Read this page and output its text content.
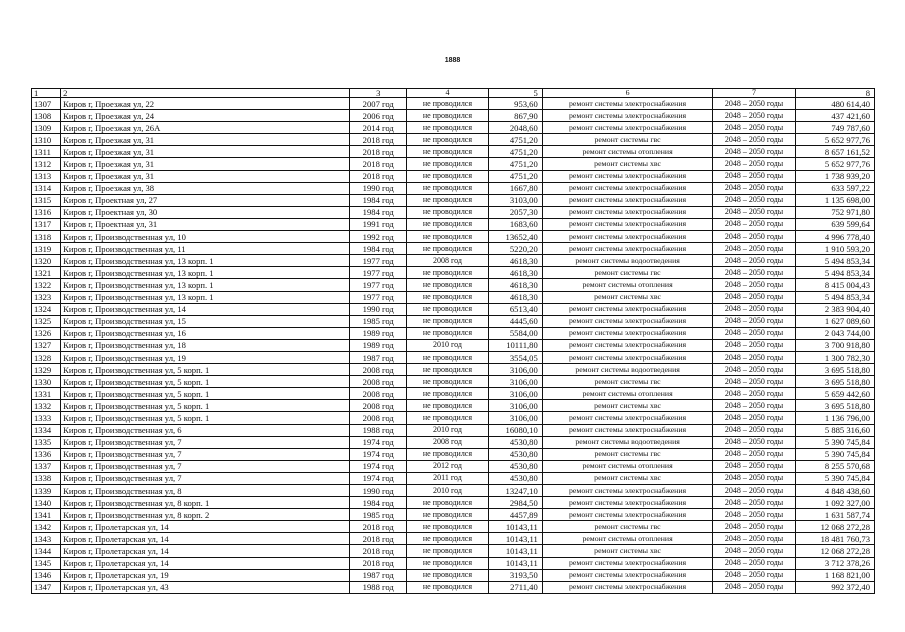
1888
1	2	3	4	5	6	7	8
1307	Киров г, Проезжая ул, 22	2007 год	не проводился	953,60	ремонт системы электроснабжения	2048 – 2050 годы	480 614,40
1308	Киров г, Проезжая ул, 24	2006 год	не проводился	867,90	ремонт системы электроснабжения	2048 – 2050 годы	437 421,60
1309	Киров г, Проезжая ул, 26А	2014 год	не проводился	2048,60	ремонт системы электроснабжения	2048 – 2050 годы	749 787,60
1310	Киров г, Проезжая ул, 31	2018 год	не проводился	4751,20	ремонт системы гвс	2048 – 2050 годы	5 652 977,76
1311	Киров г, Проезжая ул, 31	2018 год	не проводился	4751,20	ремонт системы отопления	2048 – 2050 годы	8 657 161,52
1312	Киров г, Проезжая ул, 31	2018 год	не проводился	4751,20	ремонт системы хвс	2048 – 2050 годы	5 652 977,76
1313	Киров г, Проезжая ул, 31	2018 год	не проводился	4751,20	ремонт системы электроснабжения	2048 – 2050 годы	1 738 939,20
1314	Киров г, Проезжая ул, 38	1990 год	не проводился	1667,80	ремонт системы электроснабжения	2048 – 2050 годы	633 597,22
1315	Киров г, Проектная ул, 27	1984 год	не проводился	3103,00	ремонт системы электроснабжения	2048 – 2050 годы	1 135 698,00
1316	Киров г, Проектная ул, 30	1984 год	не проводился	2057,30	ремонт системы электроснабжения	2048 – 2050 годы	752 971,80
1317	Киров г, Проектная ул, 31	1991 год	не проводился	1683,60	ремонт системы электроснабжения	2048 – 2050 годы	639 599,64
1318	Киров г, Производственная ул, 10	1992 год	не проводился	13652,40	ремонт системы электроснабжения	2048 – 2050 годы	4 996 778,40
1319	Киров г, Производственная ул, 11	1984 год	не проводился	5220,20	ремонт системы электроснабжения	2048 – 2050 годы	1 910 593,20
1320	Киров г, Производственная ул, 13 корп. 1	1977 год	2008 год	4618,30	ремонт системы водоотведения	2048 – 2050 годы	5 494 853,34
1321	Киров г, Производственная ул, 13 корп. 1	1977 год	не проводился	4618,30	ремонт системы гвс	2048 – 2050 годы	5 494 853,34
1322	Киров г, Производственная ул, 13 корп. 1	1977 год	не проводился	4618,30	ремонт системы отопления	2048 – 2050 годы	8 415 004,43
1323	Киров г, Производственная ул, 13 корп. 1	1977 год	не проводился	4618,30	ремонт системы хвс	2048 – 2050 годы	5 494 853,34
1324	Киров г, Производственная ул, 14	1990 год	не проводился	6513,40	ремонт системы электроснабжения	2048 – 2050 годы	2 383 904,40
1325	Киров г, Производственная ул, 15	1985 год	не проводился	4445,60	ремонт системы электроснабжения	2048 – 2050 годы	1 627 089,60
1326	Киров г, Производственная ул, 16	1989 год	не проводился	5584,00	ремонт системы электроснабжения	2048 – 2050 годы	2 043 744,00
1327	Киров г, Производственная ул, 18	1989 год	2010 год	10111,80	ремонт системы электроснабжения	2048 – 2050 годы	3 700 918,80
1328	Киров г, Производственная ул, 19	1987 год	не проводился	3554,05	ремонт системы электроснабжения	2048 – 2050 годы	1 300 782,30
1329	Киров г, Производственная ул, 5 корп. 1	2008 год	не проводился	3106,00	ремонт системы водоотведения	2048 – 2050 годы	3 695 518,80
1330	Киров г, Производственная ул, 5 корп. 1	2008 год	не проводился	3106,00	ремонт системы гвс	2048 – 2050 годы	3 695 518,80
1331	Киров г, Производственная ул, 5 корп. 1	2008 год	не проводился	3106,00	ремонт системы отопления	2048 – 2050 годы	5 659 442,60
1332	Киров г, Производственная ул, 5 корп. 1	2008 год	не проводился	3106,00	ремонт системы хвс	2048 – 2050 годы	3 695 518,80
1333	Киров г, Производственная ул, 5 корп. 1	2008 год	не проводился	3106,00	ремонт системы электроснабжения	2048 – 2050 годы	1 136 796,00
1334	Киров г, Производственная ул, 6	1988 год	2010 год	16080,10	ремонт системы электроснабжения	2048 – 2050 годы	5 885 316,60
1335	Киров г, Производственная ул, 7	1974 год	2008 год	4530,80	ремонт системы водоотведения	2048 – 2050 годы	5 390 745,84
1336	Киров г, Производственная ул, 7	1974 год	не проводился	4530,80	ремонт системы гвс	2048 – 2050 годы	5 390 745,84
1337	Киров г, Производственная ул, 7	1974 год	2012 год	4530,80	ремонт системы отопления	2048 – 2050 годы	8 255 570,68
1338	Киров г, Производственная ул, 7	1974 год	2011 год	4530,80	ремонт системы хвс	2048 – 2050 годы	5 390 745,84
1339	Киров г, Производственная ул, 8	1990 год	2010 год	13247,10	ремонт системы электроснабжения	2048 – 2050 годы	4 848 438,60
1340	Киров г, Производственная ул, 8 корп. 1	1984 год	не проводился	2984,50	ремонт системы электроснабжения	2048 – 2050 годы	1 092 327,00
1341	Киров г, Производственная ул, 8 корп. 2	1985 год	не проводился	4457,89	ремонт системы электроснабжения	2048 – 2050 годы	1 631 587,74
1342	Киров г, Пролетарская ул, 14	2018 год	не проводился	10143,11	ремонт системы гвс	2048 – 2050 годы	12 068 272,28
1343	Киров г, Пролетарская ул, 14	2018 год	не проводился	10143,11	ремонт системы отопления	2048 – 2050 годы	18 481 760,73
1344	Киров г, Пролетарская ул, 14	2018 год	не проводился	10143,11	ремонт системы хвс	2048 – 2050 годы	12 068 272,28
1345	Киров г, Пролетарская ул, 14	2018 год	не проводился	10143,11	ремонт системы электроснабжения	2048 – 2050 годы	3 712 378,26
1346	Киров г, Пролетарская ул, 19	1987 год	не проводился	3193,50	ремонт системы электроснабжения	2048 – 2050 годы	1 168 821,00
1347	Киров г, Пролетарская ул, 43	1988 год	не проводился	2711,40	ремонт системы электроснабжения	2048 – 2050 годы	992 372,40
